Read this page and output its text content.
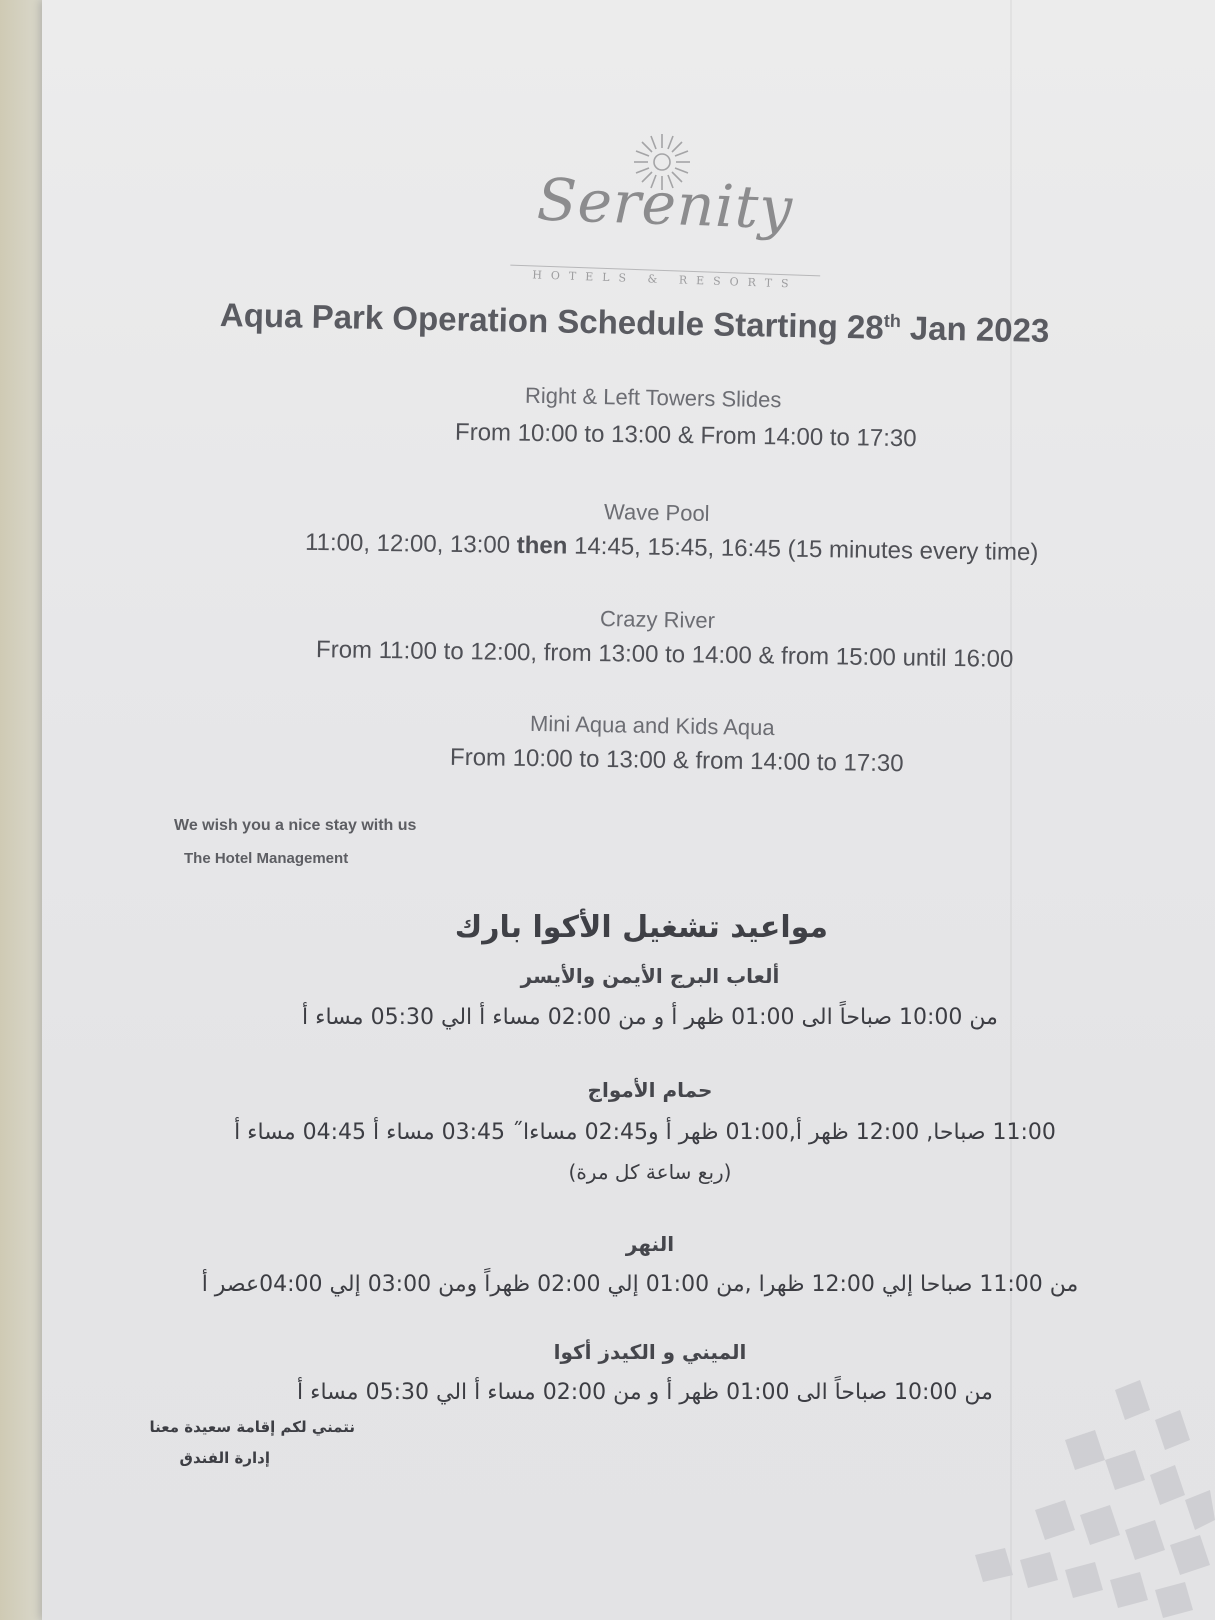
Serenity
HOTELS & RESORTS
Aqua Park Operation Schedule Starting 28th Jan 2023
Right & Left Towers Slides
From 10:00 to 13:00 & From 14:00 to 17:30
Wave Pool
11:00, 12:00, 13:00 then 14:45, 15:45, 16:45 (15 minutes every time)
Crazy River
From 11:00 to 12:00, from 13:00 to 14:00 & from 15:00 until 16:00
Mini Aqua and Kids Aqua
From 10:00 to 13:00 & from 14:00 to 17:30
We wish you a nice stay with us
The Hotel Management
مواعيد تشغيل الأكوا بارك
ألعاب البرج الأيمن والأيسر
من 10:00 صباحاً الى 01:00 ظهر أ و من 02:00 مساء أ الي 05:30 مساء أ
حمام الأمواج
11:00 صباحا, 12:00 ظهر أ,01:00 ظهر أ و02:45 مساءا˝ 03:45 مساء أ 04:45 مساء أ
(ربع ساعة كل مرة)
النهر
من 11:00 صباحا إلي 12:00 ظهرا ,من 01:00 إلي 02:00 ظهراً ومن 03:00 إلي 04:00عصر أ
الميني و الكيدز أكوا
من 10:00 صباحاً الى 01:00 ظهر أ و من 02:00 مساء أ الي 05:30 مساء أ
نتمني لكم إقامة سعيدة معنا
إدارة الفندق
